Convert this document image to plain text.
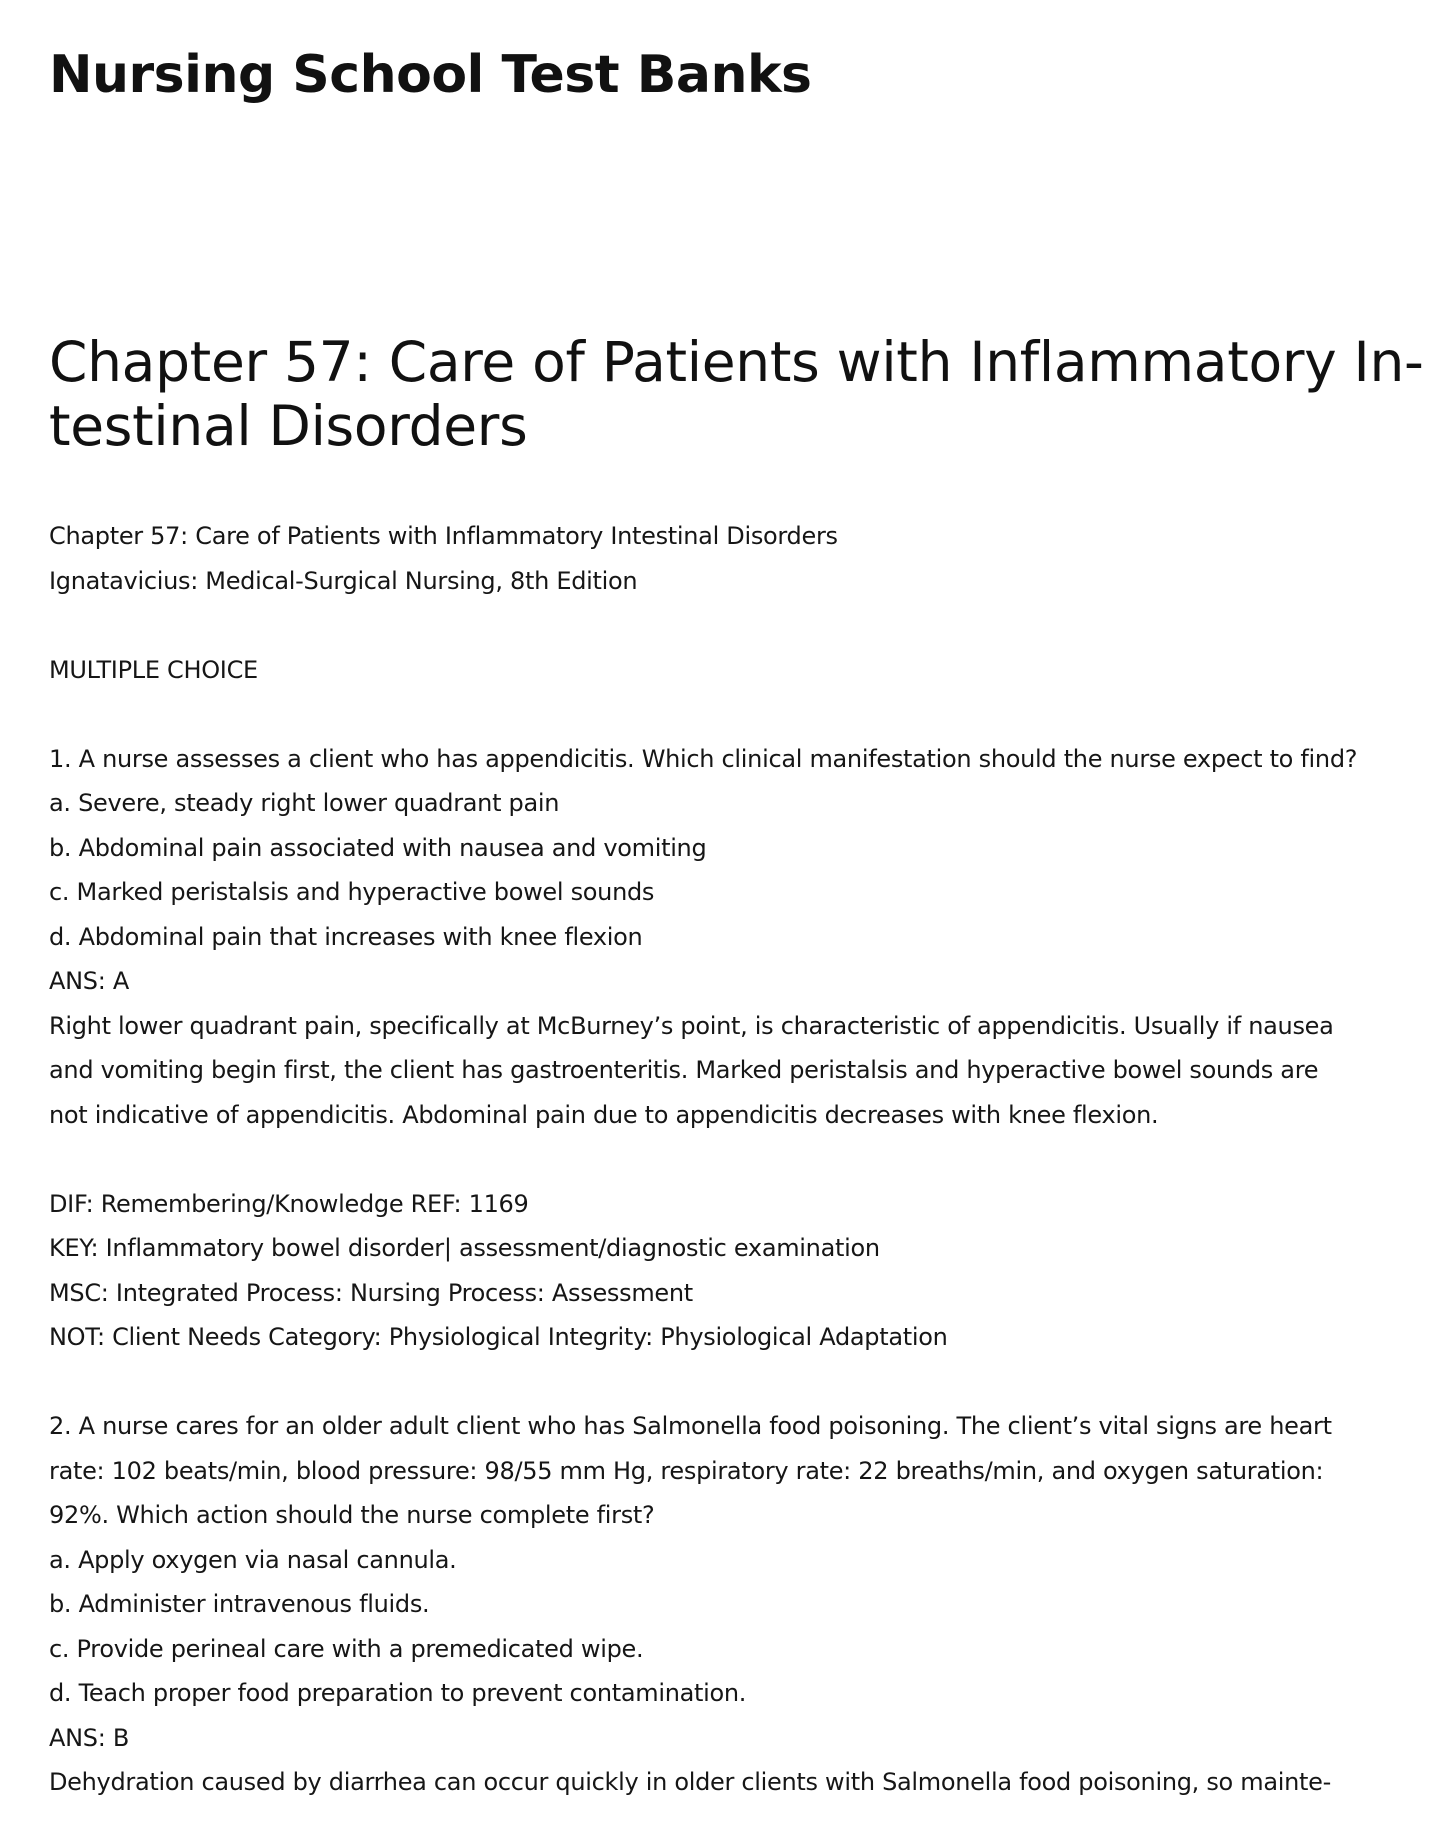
Nursing School Test Banks
Chapter 57: Care of Patients with Inflammatory In-
testinal Disorders
Chapter 57: Care of Patients with Inflammatory Intestinal Disorders
Ignatavicius: Medical-Surgical Nursing, 8th Edition
MULTIPLE CHOICE
1. A nurse assesses a client who has appendicitis. Which clinical manifestation should the nurse expect to find?
a. Severe, steady right lower quadrant pain
b. Abdominal pain associated with nausea and vomiting
c. Marked peristalsis and hyperactive bowel sounds
d. Abdominal pain that increases with knee flexion
ANS: A
Right lower quadrant pain, specifically at McBurney’s point, is characteristic of appendicitis. Usually if nausea
and vomiting begin first, the client has gastroenteritis. Marked peristalsis and hyperactive bowel sounds are
not indicative of appendicitis. Abdominal pain due to appendicitis decreases with knee flexion.
DIF: Remembering/Knowledge REF: 1169
KEY: Inflammatory bowel disorder| assessment/diagnostic examination
MSC: Integrated Process: Nursing Process: Assessment
NOT: Client Needs Category: Physiological Integrity: Physiological Adaptation
2. A nurse cares for an older adult client who has Salmonella food poisoning. The client’s vital signs are heart
rate: 102 beats/min, blood pressure: 98/55 mm Hg, respiratory rate: 22 breaths/min, and oxygen saturation:
92%. Which action should the nurse complete first?
a. Apply oxygen via nasal cannula.
b. Administer intravenous fluids.
c. Provide perineal care with a premedicated wipe.
d. Teach proper food preparation to prevent contamination.
ANS: B
Dehydration caused by diarrhea can occur quickly in older clients with Salmonella food poisoning, so mainte-
